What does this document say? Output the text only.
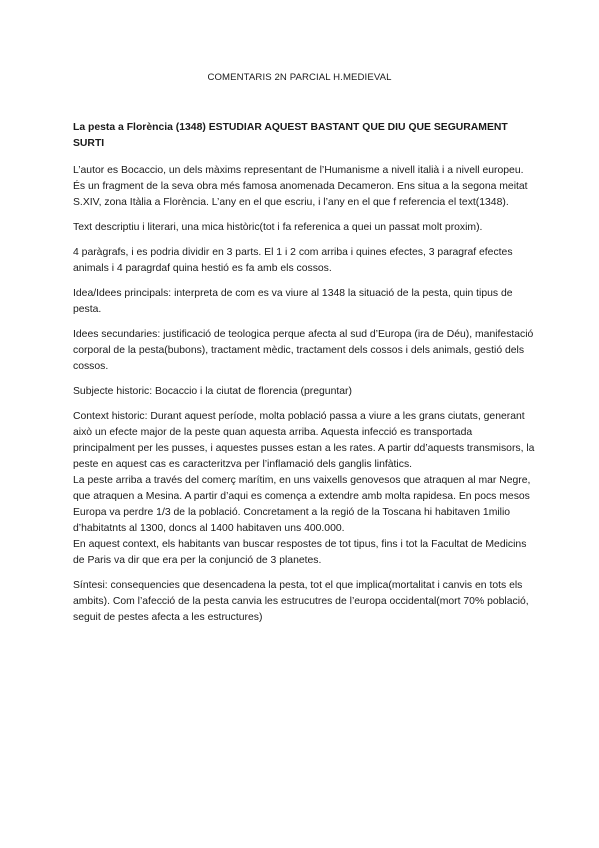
COMENTARIS 2N PARCIAL H.MEDIEVAL
La pesta a Florència (1348) ESTUDIAR AQUEST BASTANT QUE DIU QUE SEGURAMENT SURTI

L’autor es Bocaccio, un dels màxims representant de l’Humanisme a nivell italià i a nivell europeu. És un fragment de la seva obra més famosa anomenada Decameron. Ens situa a la segona meitat S.XIV, zona Itàlia a Florència. L’any en el que escriu, i l’any en el que f referencia el text(1348).

Text descriptiu i literari, una mica històric(tot i fa referenica a quei un passat molt proxim).

4 paràgrafs, i es podria dividir en 3 parts. El 1 i 2 com arriba i quines efectes, 3 paragraf efectes animals i 4 paragrdaf quina hestió es fa amb els cossos.

Idea/Idees principals: interpreta de com es va viure al 1348 la situació de la pesta, quin tipus de pesta.

Idees secundaries: justificació de teologica perque afecta al sud d’Europa (ira de Déu), manifestació corporal de la pesta(bubons), tractament mèdic, tractament dels cossos i dels animals, gestió dels cossos.

Subjecte historic: Bocaccio i la ciutat de florencia (preguntar)

Context historic: Durant aquest període, molta població passa a viure a les grans ciutats, generant això un efecte major de la peste quan aquesta arriba. Aquesta infecció es transportada principalment per les pusses, i aquestes pusses estan a les rates. A partir dd’aquests transmisors, la peste en aquest cas es caracteritzva per l’inflamació dels ganglis linfàtics.

La peste arriba a través del comerç marítim, en uns vaixells genovesos que atraquen al mar Negre, que atraquen a Mesina. A partir d’aqui es comença a extendre amb molta rapidesa. En pocs mesos Europa va perdre 1/3 de la població. Concretament a la regió de la Toscana hi habitaven 1milio d’habitatnts al 1300, doncs al 1400 habitaven uns 400.000.

En aquest context, els habitants van buscar respostes de tot tipus, fins i tot la Facultat de Medicins de Paris va dir que era per la conjunció de 3 planetes.

Síntesi: consequencies que desencadena la pesta, tot el que implica(mortalitat i canvis en tots els ambits). Com l’afecció de la pesta canvia les estrucutres de l’europa occidental(mort 70% població, seguit de pestes afecta a les estructures)
